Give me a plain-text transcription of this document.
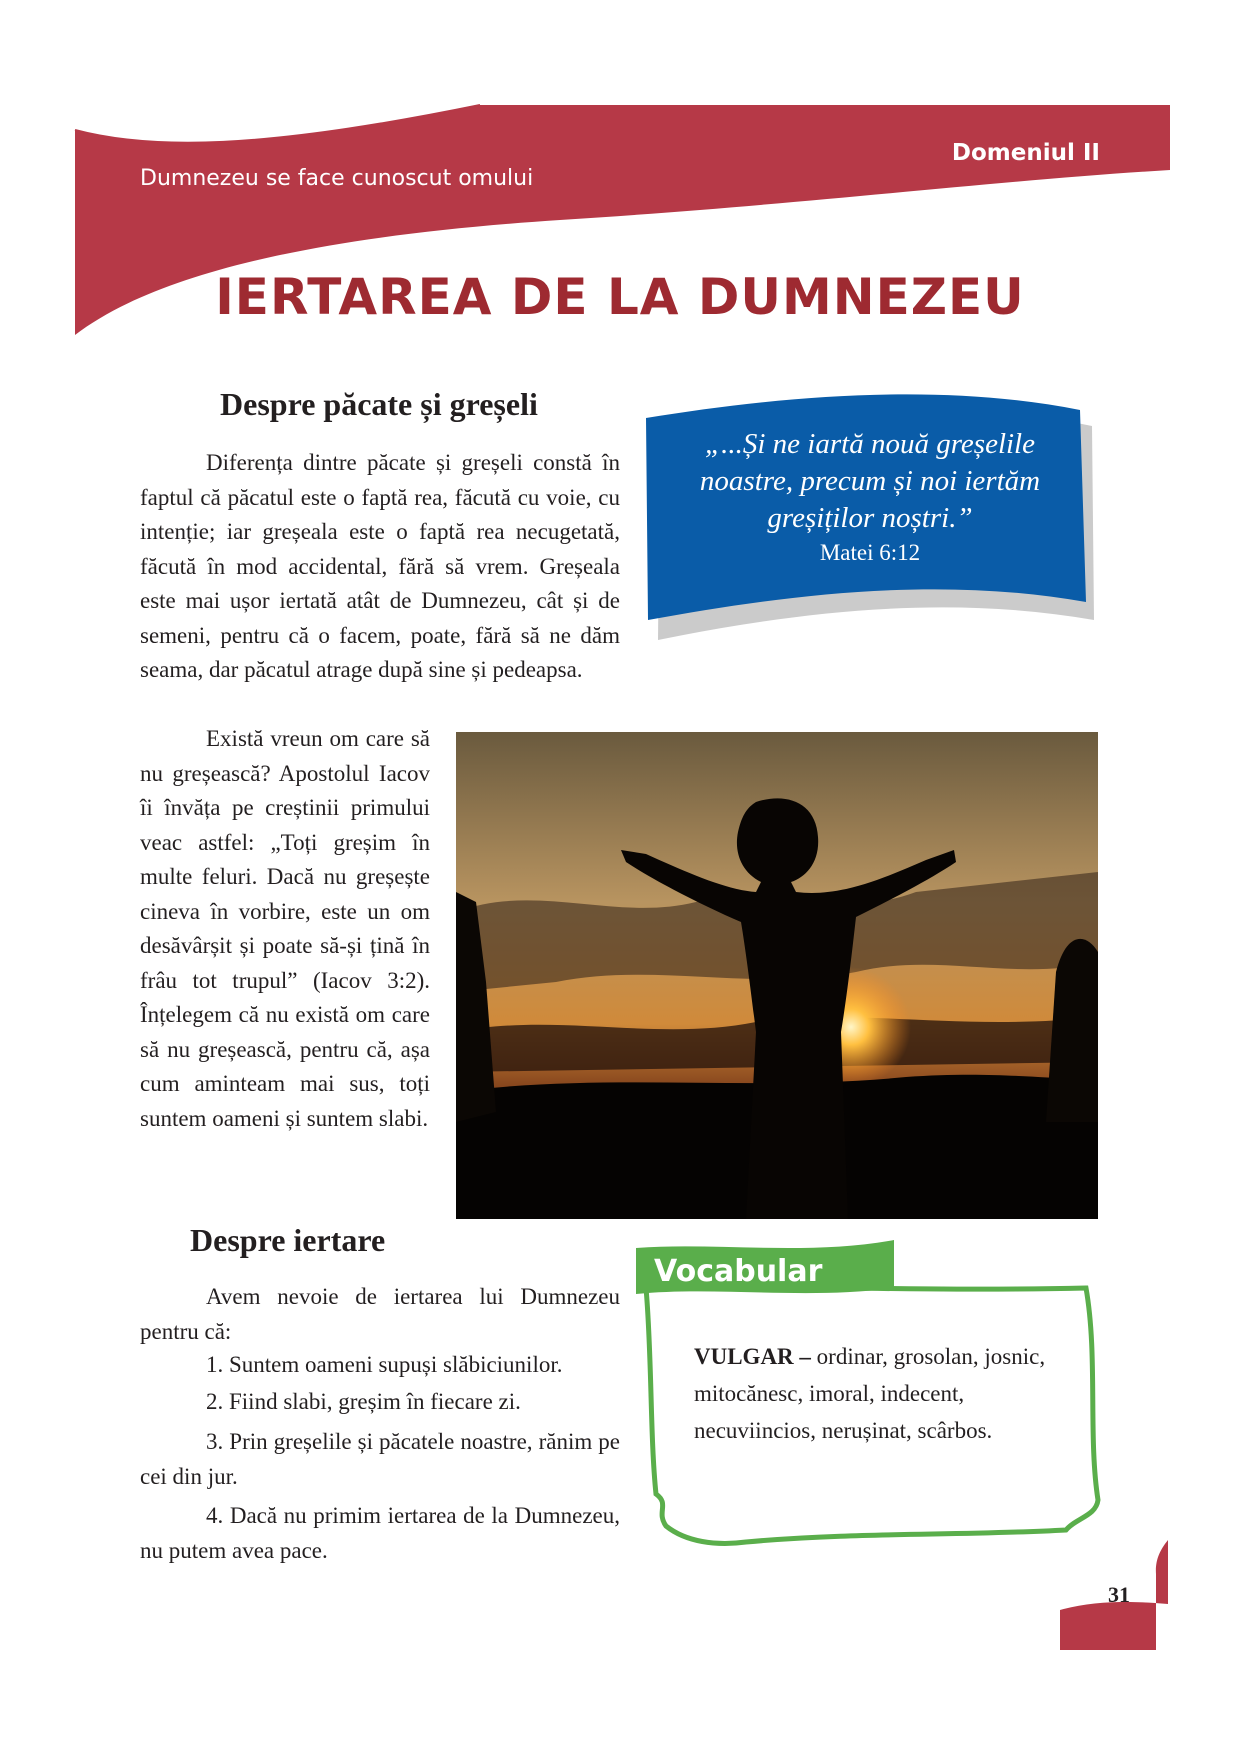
Dumnezeu se face cunoscut omului
Domeniul II
IERTAREA DE LA DUMNEZEU
Despre păcate și greșeli

Diferența dintre păcate și greșeli constă în faptul că păcatul este o faptă rea, făcută cu voie, cu intenție; iar greșeala este o faptă rea necugetată, făcută în mod accidental, fără să vrem. Greșeala este mai ușor iertată atât de Dumnezeu, cât și de semeni, pentru că o facem, poate, fără să ne dăm seama, dar păcatul atrage după sine și pedeapsa.

Există vreun om care să nu greșească? Apostolul Iacov îi învăța pe creștinii primului veac astfel: „Toți greșim în multe feluri. Dacă nu greșește cineva în vorbire, este un om desăvârșit și poate să-și țină în frâu tot trupul” (Iacov 3:2). Înțelegem că nu există om care să nu greșească, pentru că, așa cum aminteam mai sus, toți suntem oameni și suntem slabi.

„...Și ne iartă nouă greșelile noastre, precum și noi iertăm greșiților noștri.”
Matei 6:12
Despre iertare

Avem nevoie de iertarea lui Dumnezeu pentru că:

1. Suntem oameni supuși slăbiciunilor.
2. Fiind slabi, greșim în fiecare zi.
3. Prin greșelile și păcatele noastre, rănim pe cei din jur.
4. Dacă nu primim iertarea de la Dumnezeu, nu putem avea pace.
Vocabular
VULGAR – ordinar, grosolan, josnic, mitocănesc, imoral, indecent, necuviincios, nerușinat, scârbos.
31
